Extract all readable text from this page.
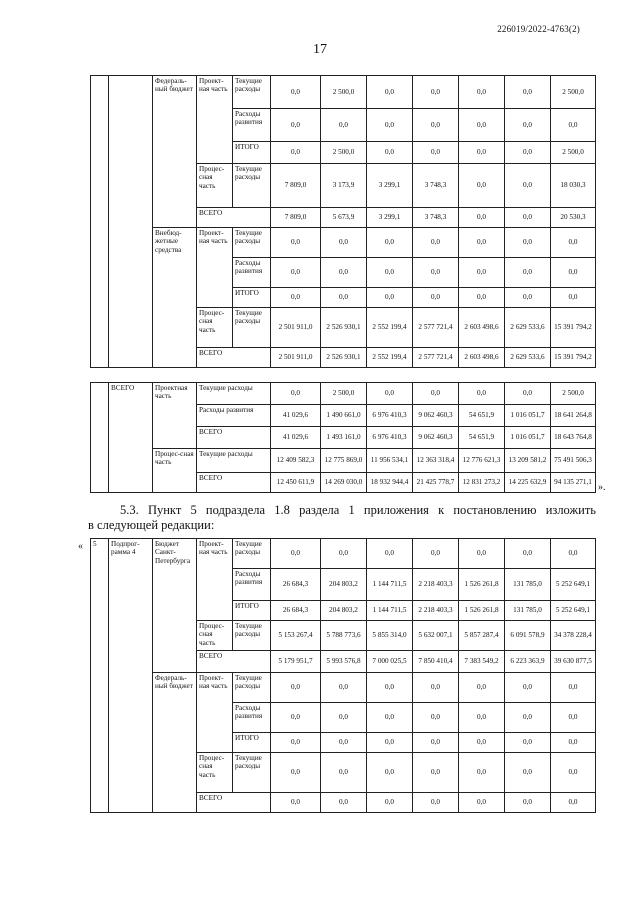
226019/2022-4763(2)
17
		Федераль-ный бюджет	Проект-ная часть	Текущие расходы	0,0	2 500,0	0,0	0,0	0,0	0,0	2 500,0
				Расходы развития	0,0	0,0	0,0	0,0	0,0	0,0	0,0
				ИТОГО	0,0	2 500,0	0,0	0,0	0,0	0,0	2 500,0
			Процес-сная часть	Текущие расходы	7 809,0	3 173,9	3 299,1	3 748,3	0,0	0,0	18 030,3
			ВСЕГО		7 809,0	5 673,9	3 299,1	3 748,3	0,0	0,0	20 530,3
		Внебюд-жетные средства	Проект-ная часть	Текущие расходы	0,0	0,0	0,0	0,0	0,0	0,0	0,0
				Расходы развития	0,0	0,0	0,0	0,0	0,0	0,0	0,0
				ИТОГО	0,0	0,0	0,0	0,0	0,0	0,0	0,0
			Процес-сная часть	Текущие расходы	2 501 911,0	2 526 930,1	2 552 199,4	2 577 721,4	2 603 498,6	2 629 533,6	15 391 794,2
			ВСЕГО		2 501 911,0	2 526 930,1	2 552 199,4	2 577 721,4	2 603 498,6	2 629 533,6	15 391 794,2
	ВСЕГО	Проектная часть	Текущие расходы	0,0	2 500,0	0,0	0,0	0,0	0,0	2 500,0
			Расходы развития	41 029,6	1 490 661,0	6 976 410,3	9 062 460,3	54 651,9	1 016 051,7	18 641 264,8
			ВСЕГО	41 029,6	1 493 161,0	6 976 410,3	9 062 460,3	54 651,9	1 016 051,7	18 643 764,8
		Процес-сная часть	Текущие расходы	12 409 582,3	12 775 869,0	11 956 534,1	12 363 318,4	12 776 621,3	13 209 581,2	75 491 506,3
			ВСЕГО	12 450 611,9	14 269 030,0	18 932 944,4	21 425 778,7	12 831 273,2	14 225 632,9	94 135 271,1 ».
5.3. Пункт 5 подраздела 1.8 раздела 1 приложения к постановлению изложить
в следующей редакции:
« 5	Подпрог-рамма 4	Бюджет Санкт-Петербурга	Проект-ная часть	Текущие расходы	0,0	0,0	0,0	0,0	0,0	0,0	0,0
				Расходы развития	26 684,3	204 803,2	1 144 711,5	2 218 403,3	1 526 261,8	131 785,0	5 252 649,1
				ИТОГО	26 684,3	204 803,2	1 144 711,5	2 218 403,3	1 526 261,8	131 785,0	5 252 649,1
			Процес-сная часть	Текущие расходы	5 153 267,4	5 788 773,6	5 855 314,0	5 632 007,1	5 857 287,4	6 091 578,9	34 378 228,4
			ВСЕГО		5 179 951,7	5 993 576,8	7 000 025,5	7 850 410,4	7 383 549,2	6 223 363,9	39 630 877,5
		Федераль-ный бюджет	Проект-ная часть	Текущие расходы	0,0	0,0	0,0	0,0	0,0	0,0	0,0
				Расходы развития	0,0	0,0	0,0	0,0	0,0	0,0	0,0
				ИТОГО	0,0	0,0	0,0	0,0	0,0	0,0	0,0
			Процес-сная часть	Текущие расходы	0,0	0,0	0,0	0,0	0,0	0,0	0,0
			ВСЕГО		0,0	0,0	0,0	0,0	0,0	0,0	0,0
